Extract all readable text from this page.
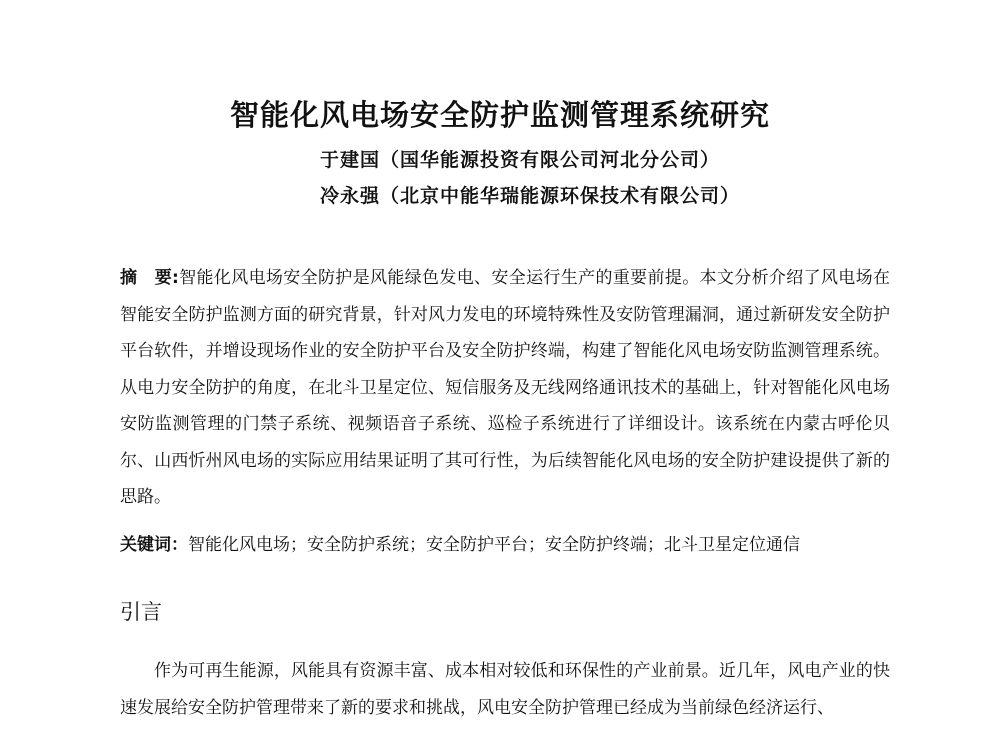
智能化风电场安全防护监测管理系统研究
于建国（国华能源投资有限公司河北分公司）
冷永强（北京中能华瑞能源环保技术有限公司）

摘　要:智能化风电场安全防护是风能绿色发电、安全运行生产的重要前提。本文分析介绍了风电场在智能安全防护监测方面的研究背景，针对风力发电的环境特殊性及安防管理漏洞，通过新研发安全防护平台软件，并增设现场作业的安全防护平台及安全防护终端，构建了智能化风电场安防监测管理系统。从电力安全防护的角度，在北斗卫星定位、短信服务及无线网络通讯技术的基础上，针对智能化风电场安防监测管理的门禁子系统、视频语音子系统、巡检子系统进行了详细设计。该系统在内蒙古呼伦贝尔、山西忻州风电场的实际应用结果证明了其可行性，为后续智能化风电场的安全防护建设提供了新的思路。

关键词：智能化风电场；安全防护系统；安全防护平台；安全防护终端；北斗卫星定位通信

引言

作为可再生能源，风能具有资源丰富、成本相对较低和环保性的产业前景。近几年，风电产业的快速发展给安全防护管理带来了新的要求和挑战，风电安全防护管理已经成为当前绿色经济运行、
